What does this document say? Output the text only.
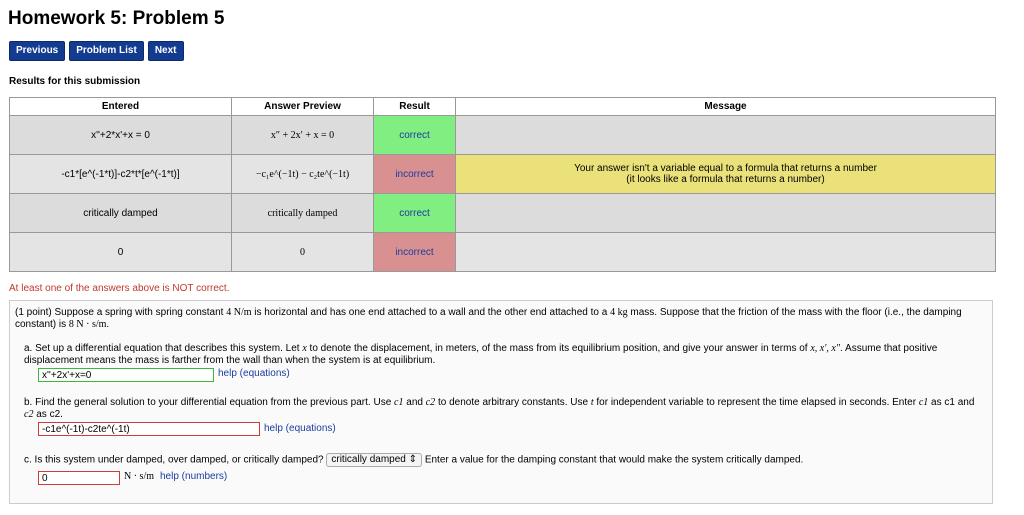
Homework 5: Problem 5
Previous	Problem List	Next
Results for this submission
Entered	Answer Preview	Result	Message
x''+2*x'+x = 0	x″ + 2x′ + x = 0	correct	
-c1*[e^(-1*t)]-c2*t*[e^(-1*t)]	−c₁e^(−1t) − c₂te^(−1t)	incorrect	Your answer isn't a variable equal to a formula that returns a number
(it looks like a formula that returns a number)

critically damped	critically damped	correct	
0	0	incorrect	
At least one of the answers above is NOT correct.
(1 point) Suppose a spring with spring constant 4 N/m is horizontal and has one end attached to a wall and the other end attached to a 4 kg mass. Suppose that the friction of the mass with the floor (i.e., the damping constant) is 8 N · s/m.
a. Set up a differential equation that describes this system. Let x to denote the displacement, in meters, of the mass from its equilibrium position, and give your answer in terms of x, x′, x″. Assume that positive displacement means the mass is farther from the wall than when the system is at equilibrium.
x''+2x'+x=0	help (equations)
b. Find the general solution to your differential equation from the previous part. Use c1 and c2 to denote arbitrary constants. Use t for independent variable to represent the time elapsed in seconds. Enter c1 as c1 and c2 as c2.
-c1e^(-1t)-c2te^(-1t)	help (equations)
c. Is this system under damped, over damped, or critically damped? critically damped ⇕ Enter a value for the damping constant that would make the system critically damped.
0	N · s/m help (numbers)
